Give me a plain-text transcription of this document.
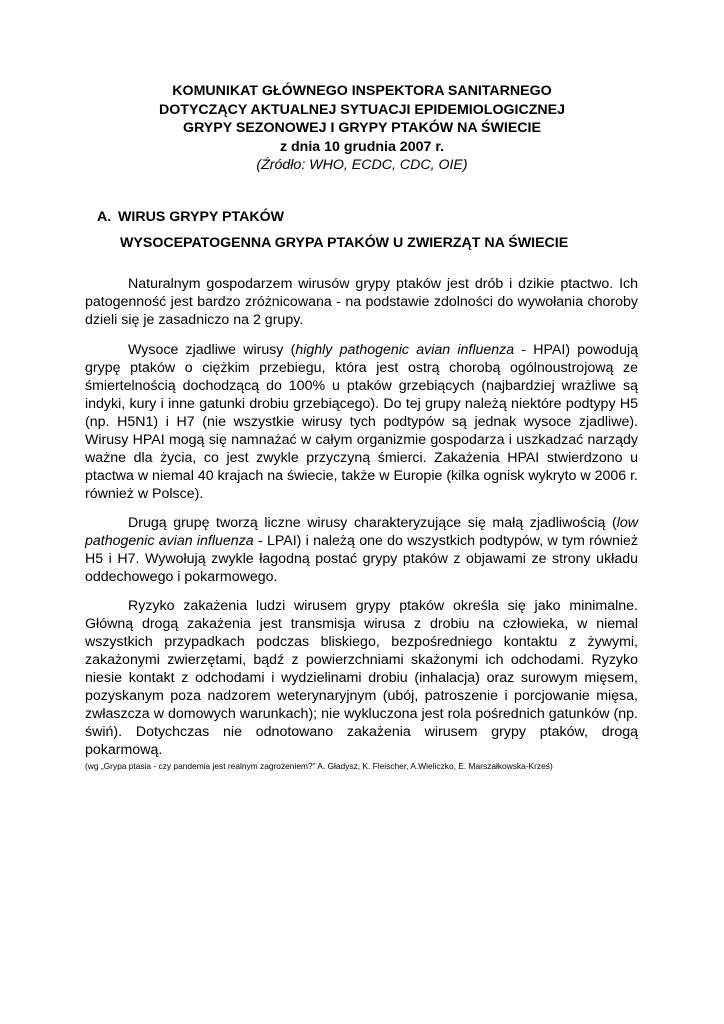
KOMUNIKAT GŁÓWNEGO INSPEKTORA SANITARNEGO
DOTYCZĄCY AKTUALNEJ SYTUACJI EPIDEMIOLOGICZNEJ
GRYPY SEZONOWEJ I GRYPY PTAKÓW NA ŚWIECIE
z dnia 10 grudnia 2007 r.
(Źródło: WHO, ECDC, CDC, OIE)
A. WIRUS GRYPY PTAKÓW
WYSOCEPATOGENNA GRYPA PTAKÓW U ZWIERZĄT NA ŚWIECIE

Naturalnym gospodarzem wirusów grypy ptaków jest drób i dzikie ptactwo. Ich patogenność jest bardzo zróżnicowana - na podstawie zdolności do wywołania choroby dzieli się je zasadniczo na 2 grupy.

Wysoce zjadliwe wirusy (highly pathogenic avian influenza - HPAI) powodują grypę ptaków o ciężkim przebiegu, która jest ostrą chorobą ogólnoustrojową ze śmiertelnością dochodzącą do 100% u ptaków grzebiących (najbardziej wrażliwe są indyki, kury i inne gatunki drobiu grzebiącego). Do tej grupy należą niektóre podtypy H5 (np. H5N1) i H7 (nie wszystkie wirusy tych podtypów są jednak wysoce zjadliwe). Wirusy HPAI mogą się namnażać w całym organizmie gospodarza i uszkadzać narządy ważne dla życia, co jest zwykle przyczyną śmierci. Zakażenia HPAI stwierdzono u ptactwa w niemal 40 krajach na świecie, także w Europie (kilka ognisk wykryto w 2006 r. również w Polsce).

Drugą grupę tworzą liczne wirusy charakteryzujące się małą zjadliwością (low pathogenic avian influenza - LPAI) i należą one do wszystkich podtypów, w tym również H5 i H7. Wywołują zwykle łagodną postać grypy ptaków z objawami ze strony układu oddechowego i pokarmowego.

Ryzyko zakażenia ludzi wirusem grypy ptaków określa się jako minimalne. Główną drogą zakażenia jest transmisja wirusa z drobiu na człowieka, w niemal wszystkich przypadkach podczas bliskiego, bezpośredniego kontaktu z żywymi, zakażonymi zwierzętami, bądź z powierzchniami skażonymi ich odchodami. Ryzyko niesie kontakt z odchodami i wydzielinami drobiu (inhalacja) oraz surowym mięsem, pozyskanym poza nadzorem weterynaryjnym (ubój, patroszenie i porcjowanie mięsa, zwłaszcza w domowych warunkach); nie wykluczona jest rola pośrednich gatunków (np. świń). Dotychczas nie odnotowano zakażenia wirusem grypy ptaków, drogą pokarmową.

(wg „Grypa ptasia - czy pandemia jest realnym zagrożeniem?” A. Gładysz, K. Fleischer, A.Wieliczko, E. Marszałkowska-Krześ)
